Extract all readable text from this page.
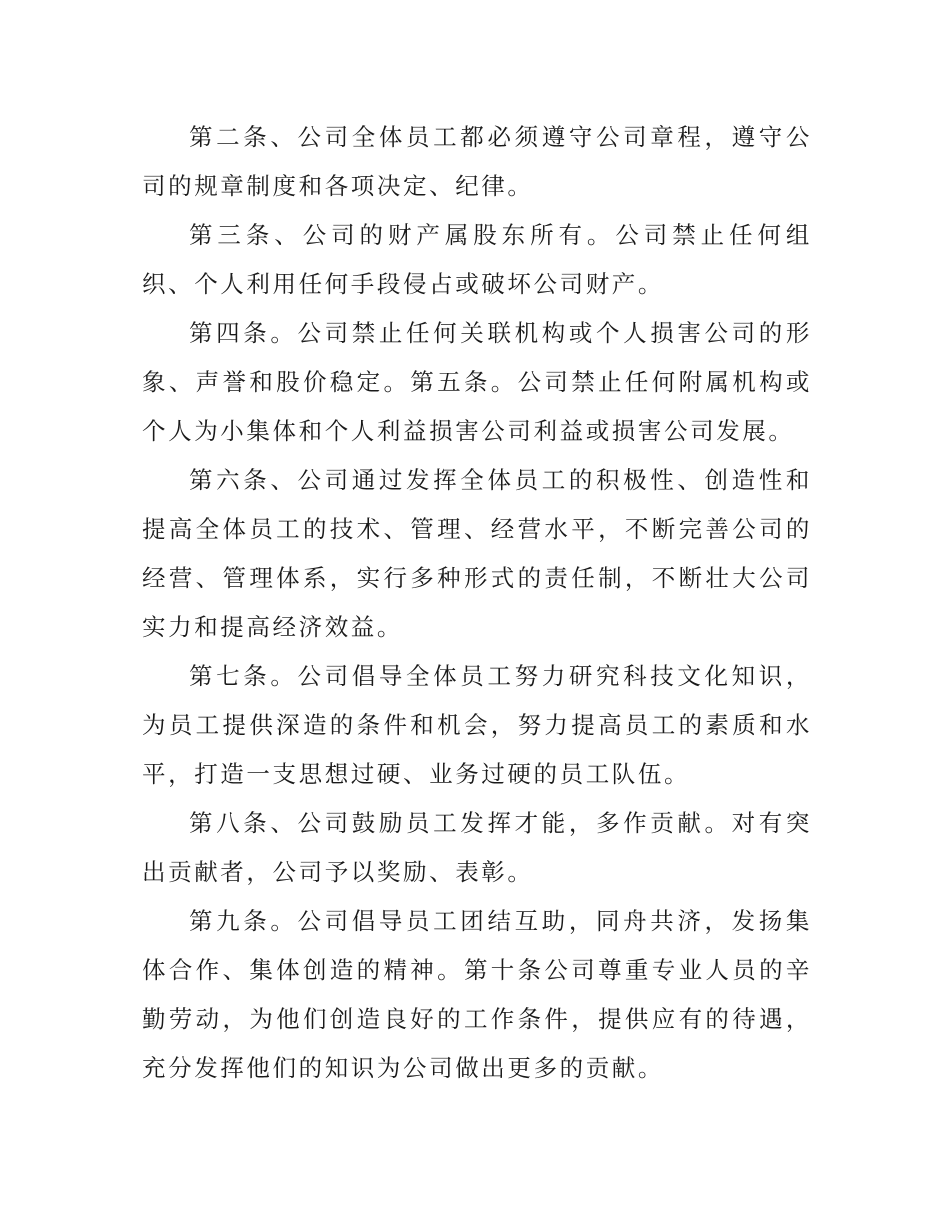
第二条、公司全体员工都必须遵守公司章程，遵守公司的规章制度和各项决定、纪律。

第三条、公司的财产属股东所有。公司禁止任何组织、个人利用任何手段侵占或破坏公司财产。

第四条。公司禁止任何关联机构或个人损害公司的形象、声誉和股价稳定。第五条。公司禁止任何附属机构或个人为小集体和个人利益损害公司利益或损害公司发展。

第六条、公司通过发挥全体员工的积极性、创造性和提高全体员工的技术、管理、经营水平，不断完善公司的经营、管理体系，实行多种形式的责任制，不断壮大公司实力和提高经济效益。

第七条。公司倡导全体员工努力研究科技文化知识，为员工提供深造的条件和机会，努力提高员工的素质和水平，打造一支思想过硬、业务过硬的员工队伍。

第八条、公司鼓励员工发挥才能，多作贡献。对有突出贡献者，公司予以奖励、表彰。

第九条。公司倡导员工团结互助，同舟共济，发扬集体合作、集体创造的精神。第十条公司尊重专业人员的辛勤劳动，为他们创造良好的工作条件，提供应有的待遇，充分发挥他们的知识为公司做出更多的贡献。
